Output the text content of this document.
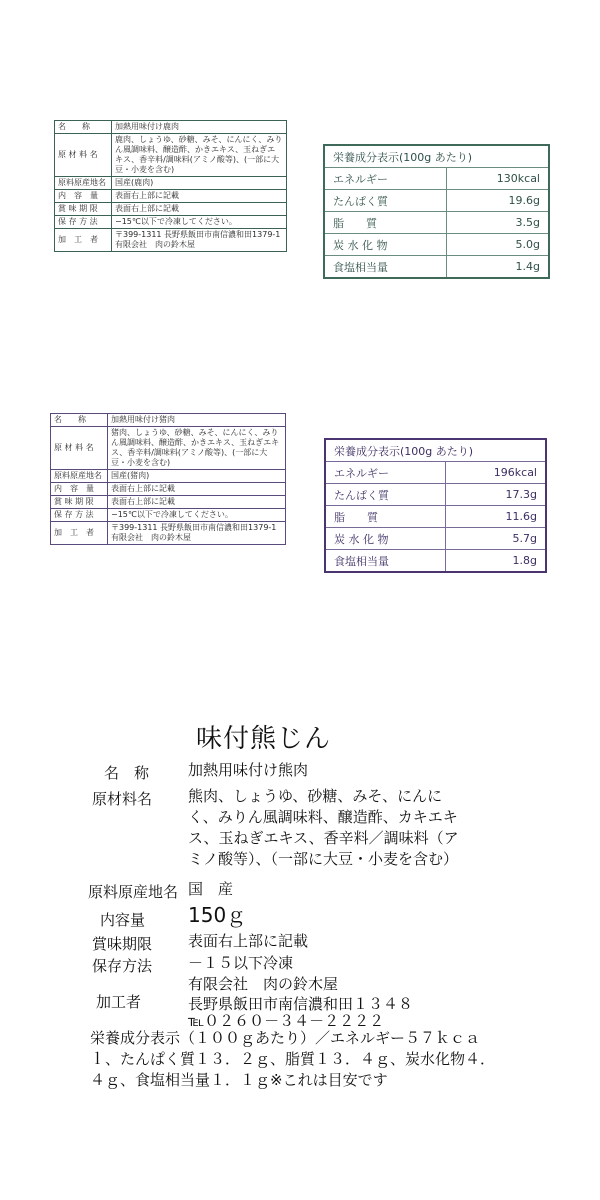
名　　称	加熱用味付け鹿肉
原 材 料 名	鹿肉、しょうゆ、砂糖、みそ、にんにく、みりん風調味料、醸造酢、かきエキス、玉ねぎエキス、香辛料/調味料(アミノ酸等)、(一部に大豆・小麦を含む)
原料原産地名	国産(鹿肉)
内　容　量	表面右上部に記載
賞 味 期 限	表面右上部に記載
保 存 方 法	−15℃以下で冷凍してください。
加　工　者	〒399-1311 長野県飯田市南信濃和田1379-1 有限会社　肉の鈴木屋
栄養成分表示(100g あたり)	
エネルギー	130kcal
たんぱく質	19.6g
脂　　質	3.5g
炭 水 化 物	5.0g
食塩相当量	1.4g
名　　称	加熱用味付け猪肉
原 材 料 名	猪肉、しょうゆ、砂糖、みそ、にんにく、みりん風調味料、醸造酢、かきエキス、玉ねぎエキス、香辛料/調味料(アミノ酸等)、(一部に大豆・小麦を含む)
原料原産地名	国産(猪肉)
内　容　量	表面右上部に記載
賞 味 期 限	表面右上部に記載
保 存 方 法	−15℃以下で冷凍してください。
加　工　者	〒399-1311 長野県飯田市南信濃和田1379-1 有限会社　肉の鈴木屋
栄養成分表示(100g あたり)	
エネルギー	196kcal
たんぱく質	17.3g
脂　　質	11.6g
炭 水 化 物	5.7g
食塩相当量	1.8g
味付熊じん
名　称	加熱用味付け熊肉
原材料名 熊肉、しょうゆ、砂糖、みそ、にんにく、みりん風調味料、醸造酢、カキエキス、玉ねぎエキス、香辛料／調味料（アミノ酸等）、（一部に大豆・小麦を含む）
原料原産地名 国　産
内容量 150ｇ
賞味期限 表面右上部に記載
保存方法 －１５以下冷凍
加工者
有限会社　肉の鈴木屋
長野県飯田市南信濃和田１３４８
℡０２６０－３４－２２２２
栄養成分表示（１００ｇあたり）／エネルギー５７ｋｃａｌ、たんぱく質１３．２ｇ、脂質１３．４ｇ、炭水化物４．４ｇ、食塩相当量１．１ｇ※これは目安です
